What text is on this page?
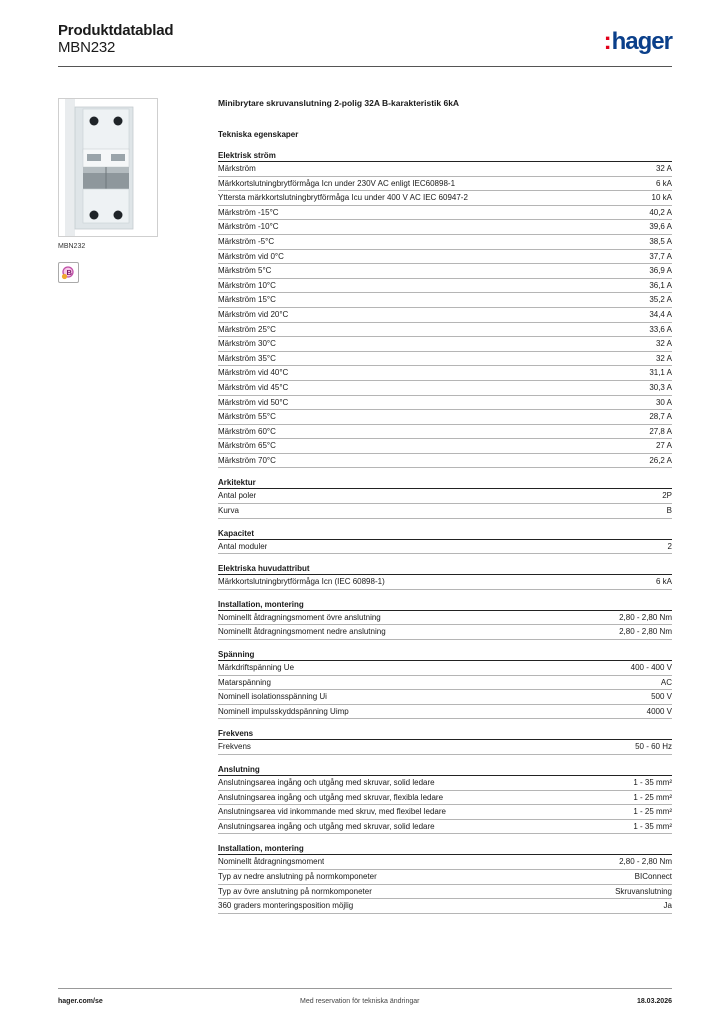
Produktdatablad
MBN232	:hager
MBN232
B
Minibrytare skruvanslutning 2-polig 32A B-karakteristik 6kA
Tekniska egenskaper
Elektrisk ström
Märkström	32 A
Märkkortslutningbrytförmåga Icn under 230V AC enligt IEC60898-1	6 kA
Yttersta märkkortslutningbrytförmåga Icu under 400 V AC IEC 60947-2	10 kA
Märkström -15°C	40,2 A
Märkström -10°C	39,6 A
Märkström -5°C	38,5 A
Märkström vid 0°C	37,7 A
Märkström 5°C	36,9 A
Märkström 10°C	36,1 A
Märkström 15°C	35,2 A
Märkström vid 20°C	34,4 A
Märkström 25°C	33,6 A
Märkström 30°C	32 A
Märkström 35°C	32 A
Märkström vid 40°C	31,1 A
Märkström vid 45°C	30,3 A
Märkström vid 50°C	30 A
Märkström 55°C	28,7 A
Märkström 60°C	27,8 A
Märkström 65°C	27 A
Märkström 70°C	26,2 A
Arkitektur
Antal poler	2P
Kurva	B
Kapacitet
Antal moduler	2
Elektriska huvudattribut
Märkkortslutningbrytförmåga Icn (IEC 60898-1)	6 kA
Installation, montering
Nominellt åtdragningsmoment övre anslutning	2,80 - 2,80 Nm
Nominellt åtdragningsmoment nedre anslutning	2,80 - 2,80 Nm
Spänning
Märkdriftspänning Ue	400 - 400 V
Matarspänning	AC
Nominell isolationsspänning Ui	500 V
Nominell impulsskyddspänning Uimp	4000 V
Frekvens
Frekvens	50 - 60 Hz
Anslutning
Anslutningsarea ingång och utgång med skruvar, solid ledare	1 - 35 mm²
Anslutningsarea ingång och utgång med skruvar, flexibla ledare	1 - 25 mm²
Anslutningsarea vid inkommande med skruv, med flexibel ledare	1 - 25 mm²
Anslutningsarea ingång och utgång med skruvar, solid ledare	1 - 35 mm²
Installation, montering
Nominellt åtdragningsmoment	2,80 - 2,80 Nm
Typ av nedre anslutning på normkomponeter	BIConnect
Typ av övre anslutning på normkomponeter	Skruvanslutning
360 graders monteringsposition möjlig	Ja
hager.com/se	Med reservation för tekniska ändringar	18.03.2026
